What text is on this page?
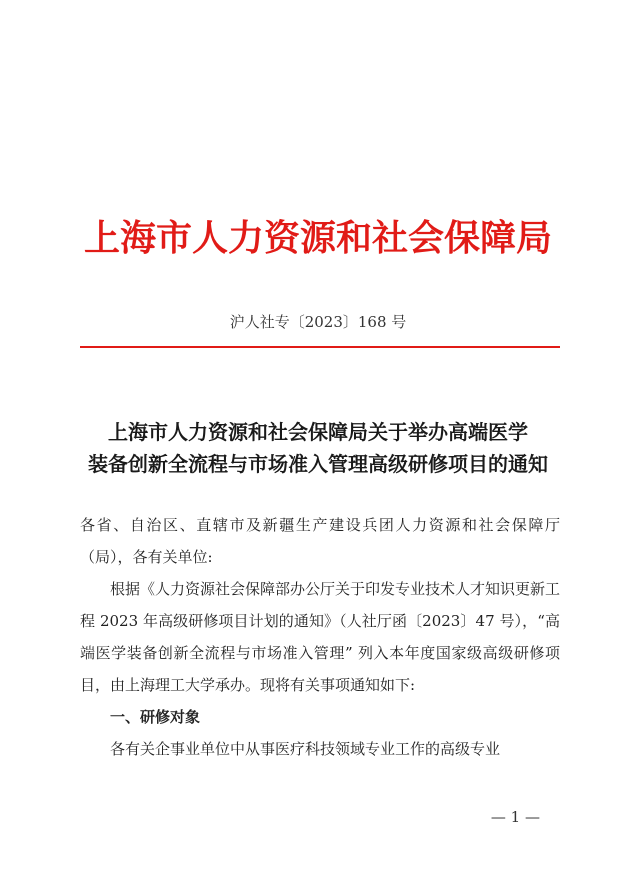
上海市人力资源和社会保障局
沪人社专〔2023〕168 号
上海市人力资源和社会保障局关于举办高端医学
装备创新全流程与市场准入管理高级研修项目的通知

各省、自治区、直辖市及新疆生产建设兵团人力资源和社会保障厅（局），各有关单位:

根据《人力资源社会保障部办公厅关于印发专业技术人才知识更新工程 2023 年高级研修项目计划的通知》（人社厅函〔2023〕47 号），“高端医学装备创新全流程与市场准入管理” 列入本年度国家级高级研修项目，由上海理工大学承办。现将有关事项通知如下:

一、研修对象

各有关企事业单位中从事医疗科技领域专业工作的高级专业

— 1 —
